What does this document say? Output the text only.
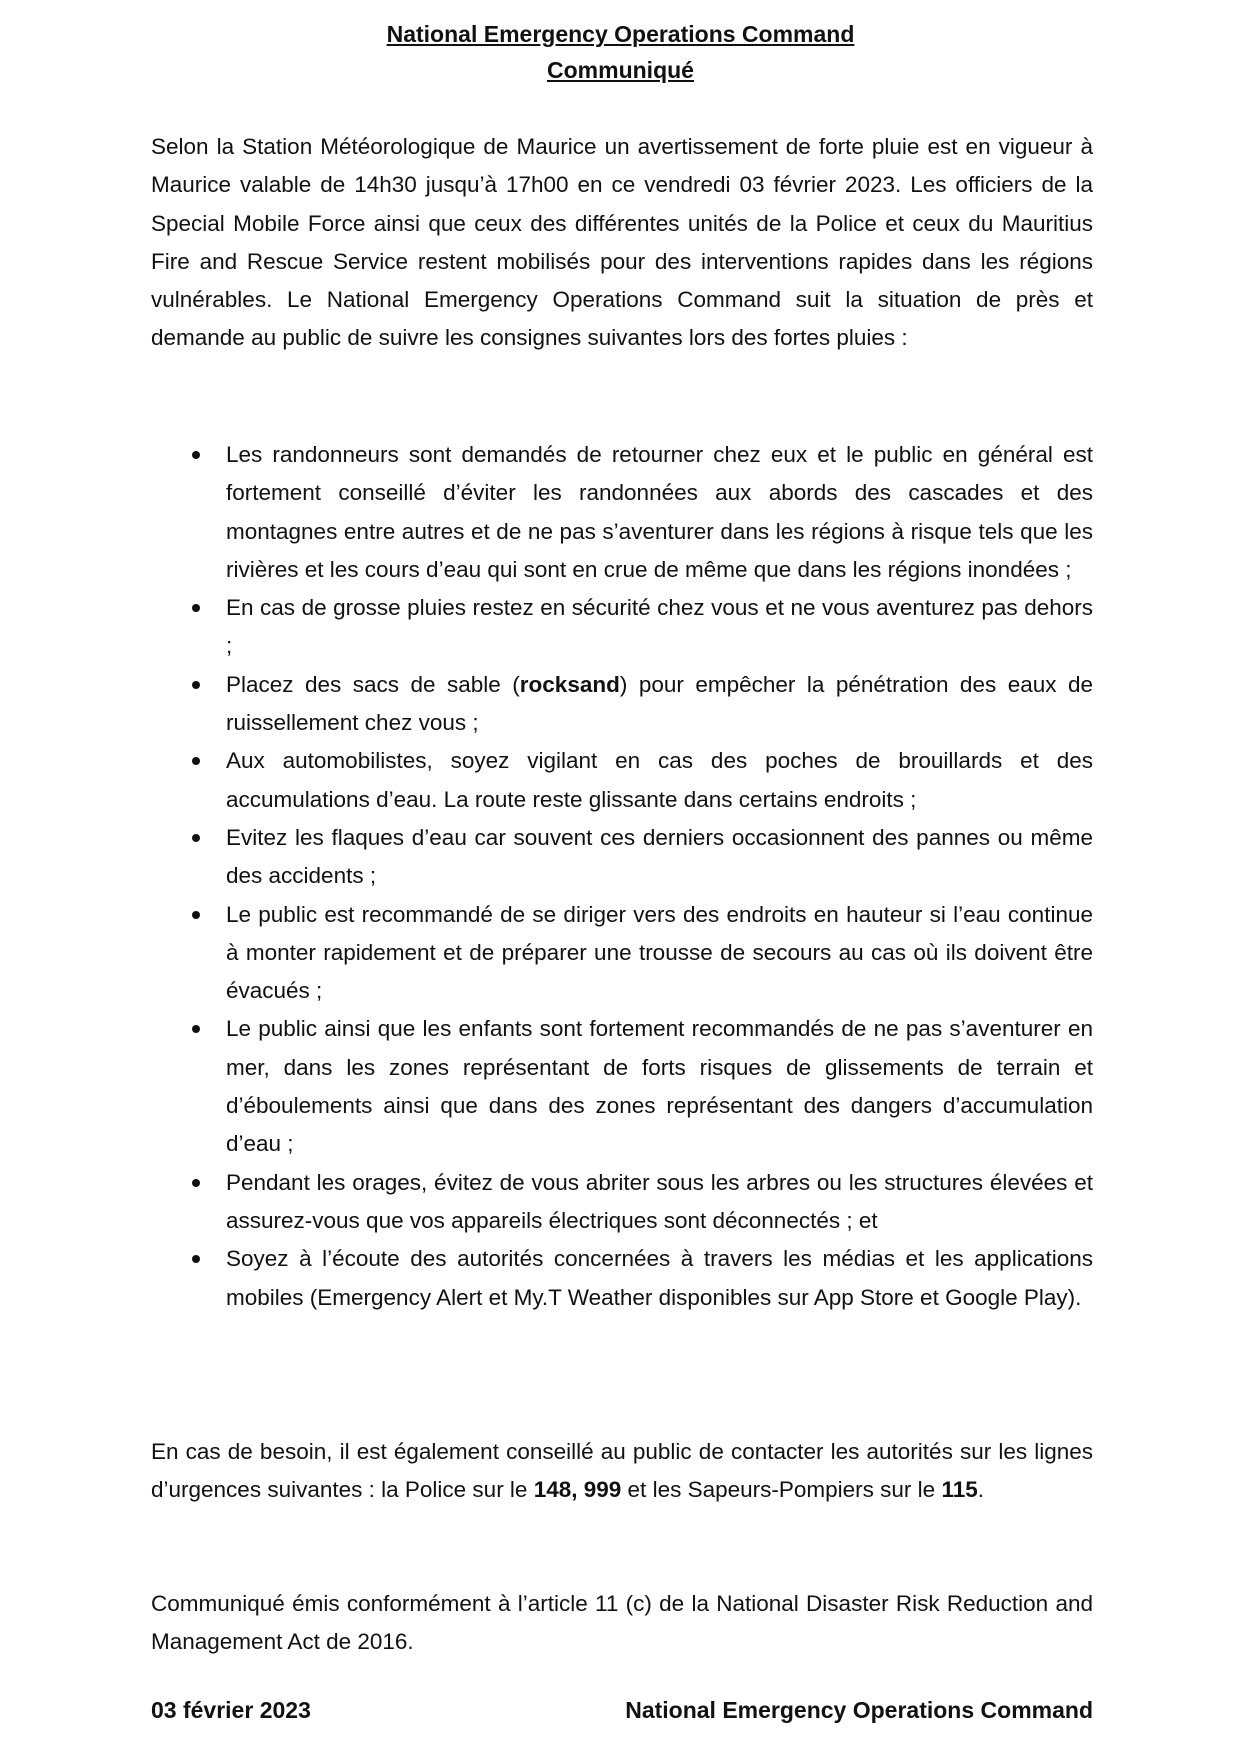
National Emergency Operations Command
Communiqué
Selon la Station Météorologique de Maurice un avertissement de forte pluie est en vigueur à Maurice valable de 14h30 jusqu’à 17h00 en ce vendredi 03 février 2023. Les officiers de la Special Mobile Force ainsi que ceux des différentes unités de la Police et ceux du Mauritius Fire and Rescue Service restent mobilisés pour des interventions rapides dans les régions vulnérables. Le National Emergency Operations Command suit la situation de près et demande au public de suivre les consignes suivantes lors des fortes pluies :
Les randonneurs sont demandés de retourner chez eux et le public en général est fortement conseillé d’éviter les randonnées aux abords des cascades et des montagnes entre autres et de ne pas s’aventurer dans les régions à risque tels que les rivières et les cours d’eau qui sont en crue de même que dans les régions inondées ;
En cas de grosse pluies restez en sécurité chez vous et ne vous aventurez pas dehors ;
Placez des sacs de sable (rocksand) pour empêcher la pénétration des eaux de ruissellement chez vous ;
Aux automobilistes, soyez vigilant en cas des poches de brouillards et des accumulations d’eau. La route reste glissante dans certains endroits ;
Evitez les flaques d’eau car souvent ces derniers occasionnent des pannes ou même des accidents ;
Le public est recommandé de se diriger vers des endroits en hauteur si l’eau continue à monter rapidement et de préparer une trousse de secours au cas où ils doivent être évacués ;
Le public ainsi que les enfants sont fortement recommandés de ne pas s’aventurer en mer, dans les zones représentant de forts risques de glissements de terrain et d’éboulements ainsi que dans des zones représentant des dangers d’accumulation d’eau ;
Pendant les orages, évitez de vous abriter sous les arbres ou les structures élevées et assurez-vous que vos appareils électriques sont déconnectés ; et
Soyez à l’écoute des autorités concernées à travers les médias et les applications mobiles (Emergency Alert et My.T Weather disponibles sur App Store et Google Play).
En cas de besoin, il est également conseillé au public de contacter les autorités sur les lignes d’urgences suivantes : la Police sur le 148, 999 et les Sapeurs-Pompiers sur le 115.
Communiqué émis conformément à l’article 11 (c) de la National Disaster Risk Reduction and Management Act de 2016.
03 février 2023	National Emergency Operations Command
